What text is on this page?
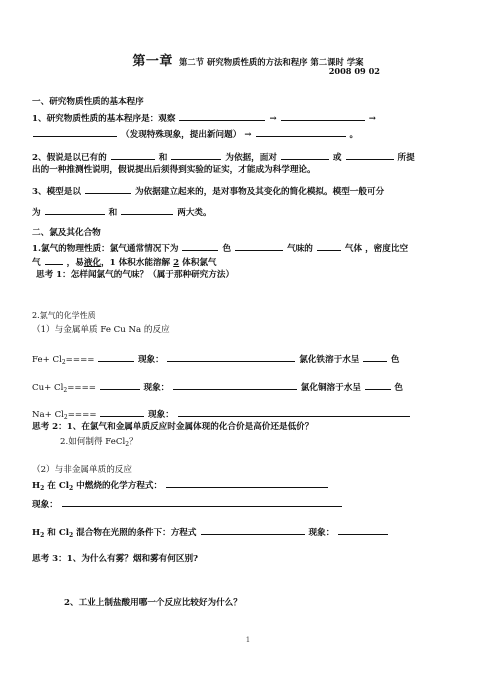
第一章 第二节 研究物质性质的方法和程序 第二课时 学案
2008 09 02
一、研究物质性质的基本程序
1、研究物质性质的基本程序是：观察	→	→
（发现特殊现象，提出新问题） →	。
2、假说是以已有的	和	为依据，面对	或	所提
出的一种推测性说明，假说提出后须得到实验的证实，才能成为科学理论。
3、模型是以	为依据建立起来的，是对事物及其变化的简化模拟。模型一般可分
为	和	两大类。
二、氯及其化合物
1.氯气的物理性质：氯气通常情况下为	色	气味的	气体 ，密度比空
气	，易液化，1 体积水能溶解 2 体积氯气
思考 1：怎样闻氯气的气味？（属于那种研究方法）
2.氯气的化学性质
（1）与金属单质 Fe Cu Na 的反应
$Fe+ Cl_2====$	现象：	氯化铁溶于水呈	色
$Cu+ Cl_2====$	现象：	氯化铜溶于水呈	色
$Na+ Cl_2====$	现象：
思考 2：1、在氯气和金属单质反应时金属体现的化合价是高价还是低价？
2.如何制得 FeCl$_2$？
（2）与非金属单质的反应
$H_2$ 在 $Cl_2$ 中燃烧的化学方程式：
现象：
$H_2$ 和 $Cl_2$ 混合物在光照的条件下：方程式	现象：
思考 3：1、为什么有雾？烟和雾有何区别?
2、工业上制盐酸用哪一个反应比较好为什么？
1
